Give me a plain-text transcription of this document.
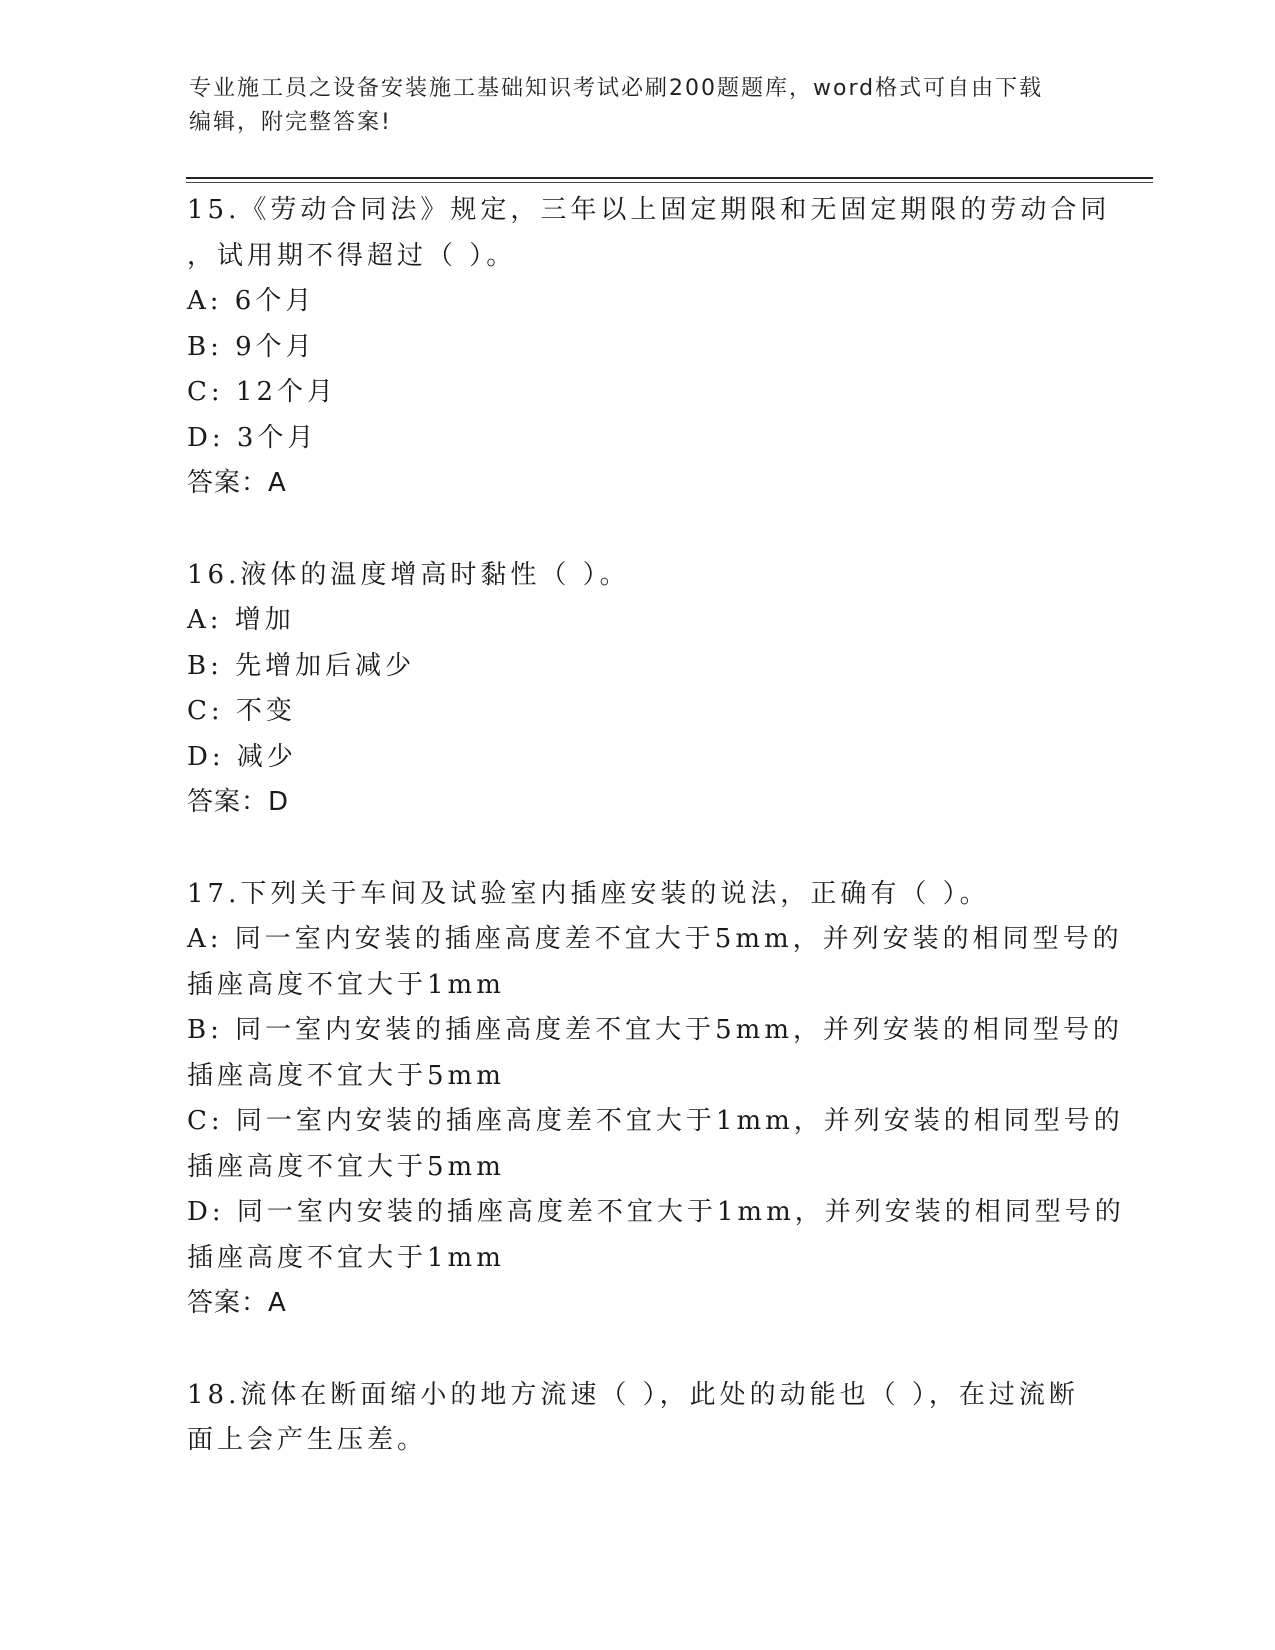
专业施工员之设备安装施工基础知识考试必刷200题题库，word格式可自由下载
编辑，附完整答案!
15.《劳动合同法》规定，三年以上固定期限和无固定期限的劳动合同
，试用期不得超过（ ）。
A: 6个月
B: 9个月
C: 12个月
D: 3个月
答案：A
16.液体的温度增高时黏性（ ）。
A: 增加
B: 先增加后减少
C: 不变
D: 减少
答案：D
17.下列关于车间及试验室内插座安装的说法，正确有（ ）。
A: 同一室内安装的插座高度差不宜大于5mm，并列安装的相同型号的
插座高度不宜大于1mm
B: 同一室内安装的插座高度差不宜大于5mm，并列安装的相同型号的
插座高度不宜大于5mm
C: 同一室内安装的插座高度差不宜大于1mm，并列安装的相同型号的
插座高度不宜大于5mm
D: 同一室内安装的插座高度差不宜大于1mm，并列安装的相同型号的
插座高度不宜大于1mm
答案：A
18.流体在断面缩小的地方流速（ ），此处的动能也（ ），在过流断
面上会产生压差。
